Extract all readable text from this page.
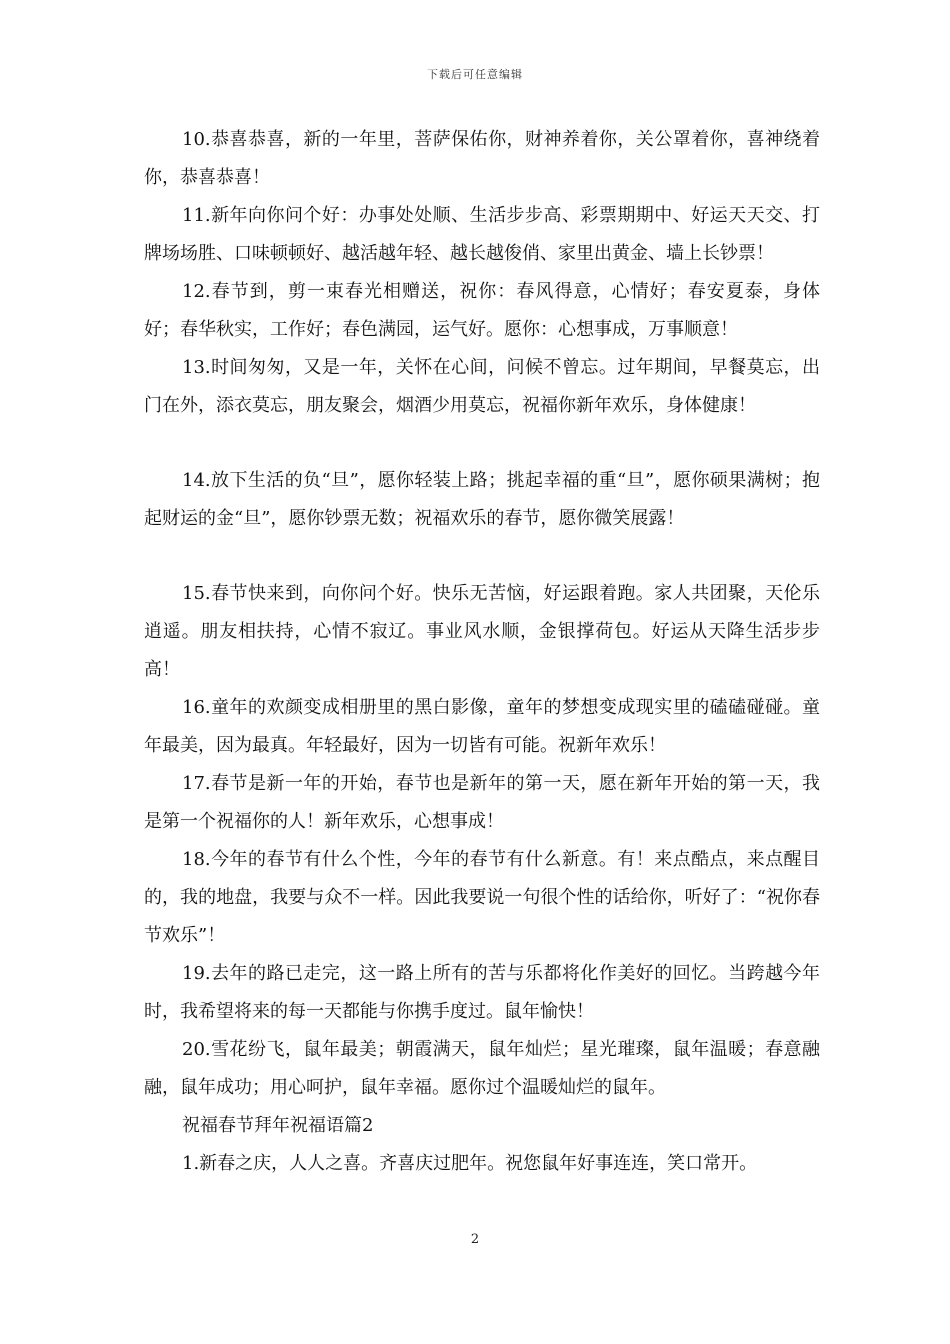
下载后可任意编辑

10.恭喜恭喜，新的一年里，菩萨保佑你，财神养着你，关公罩着你，喜神绕着你，恭喜恭喜！

11.新年向你问个好：办事处处顺、生活步步高、彩票期期中、好运天天交、打牌场场胜、口味顿顿好、越活越年轻、越长越俊俏、家里出黄金、墙上长钞票！

12.春节到，剪一束春光相赠送，祝你：春风得意，心情好；春安夏泰，身体好；春华秋实，工作好；春色满园，运气好。愿你：心想事成，万事顺意！

13.时间匆匆，又是一年，关怀在心间，问候不曾忘。过年期间，早餐莫忘，出门在外，添衣莫忘，朋友聚会，烟酒少用莫忘，祝福你新年欢乐，身体健康！

14.放下生活的负“旦”，愿你轻装上路；挑起幸福的重“旦”，愿你硕果满树；抱起财运的金“旦”，愿你钞票无数；祝福欢乐的春节，愿你微笑展露！

15.春节快来到，向你问个好。快乐无苦恼，好运跟着跑。家人共团聚，天伦乐逍遥。朋友相扶持，心情不寂辽。事业风水顺，金银撑荷包。好运从天降生活步步高！

16.童年的欢颜变成相册里的黑白影像，童年的梦想变成现实里的磕磕碰碰。童年最美，因为最真。年轻最好，因为一切皆有可能。祝新年欢乐！

17.春节是新一年的开始，春节也是新年的第一天，愿在新年开始的第一天，我是第一个祝福你的人！新年欢乐，心想事成！

18.今年的春节有什么个性，今年的春节有什么新意。有！来点酷点，来点醒目的，我的地盘，我要与众不一样。因此我要说一句很个性的话给你，听好了：“祝你春节欢乐”！

19.去年的路已走完，这一路上所有的苦与乐都将化作美好的回忆。当跨越今年时，我希望将来的每一天都能与你携手度过。鼠年愉快！

20.雪花纷飞，鼠年最美；朝霞满天，鼠年灿烂；星光璀璨，鼠年温暖；春意融融，鼠年成功；用心呵护，鼠年幸福。愿你过个温暖灿烂的鼠年。

祝福春节拜年祝福语篇2

1.新春之庆，人人之喜。齐喜庆过肥年。祝您鼠年好事连连，笑口常开。

2
